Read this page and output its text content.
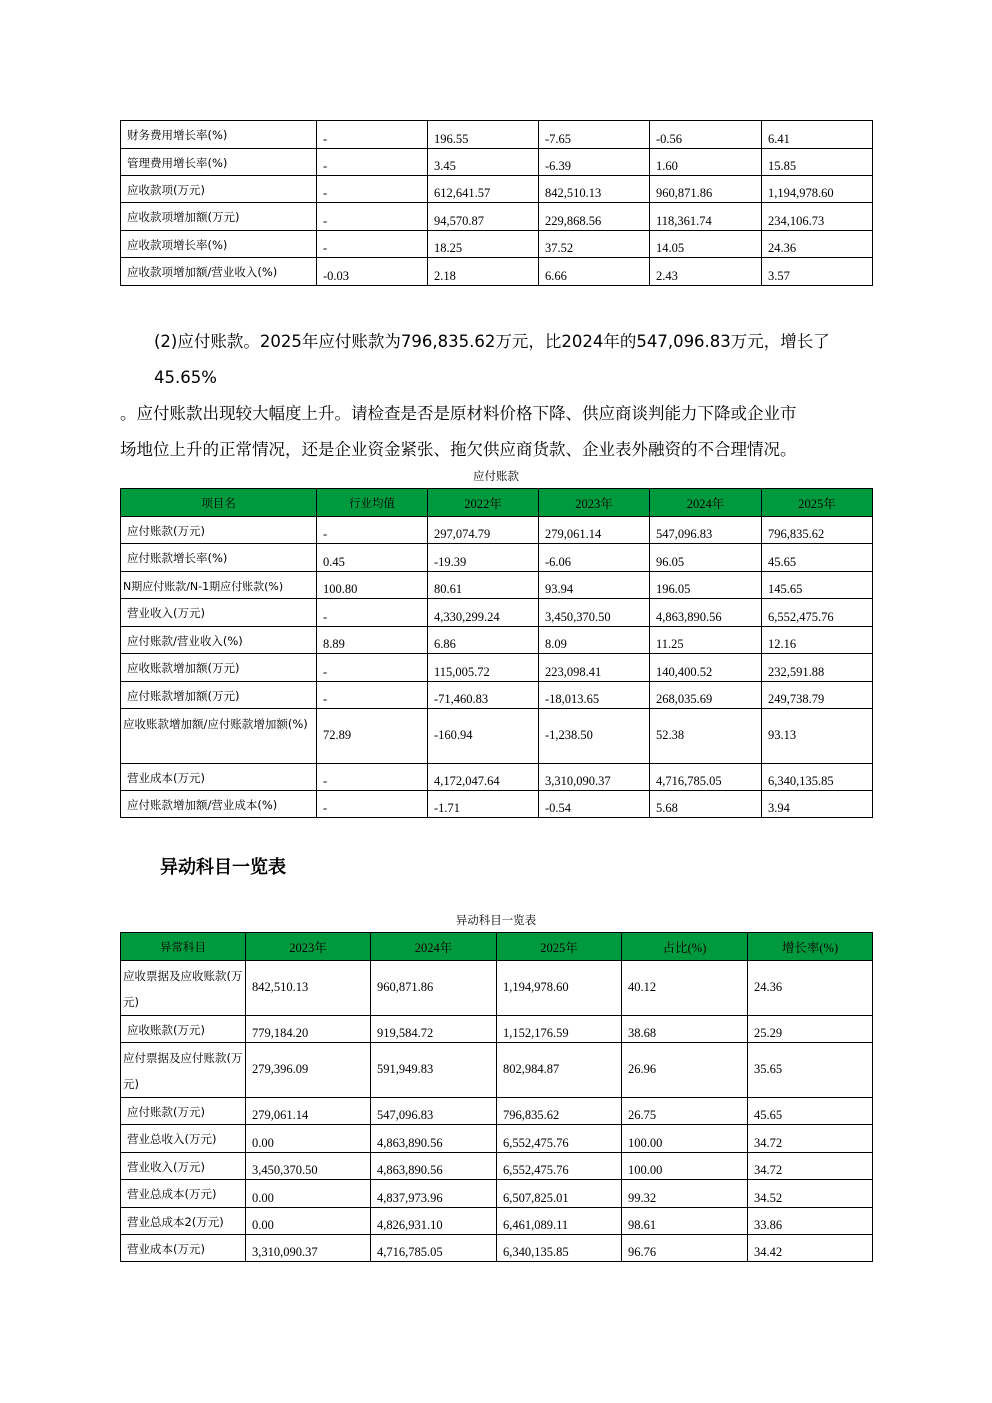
财务费用增长率(%)	-	196.55	-7.65	-0.56	6.41
管理费用增长率(%)	-	3.45	-6.39	1.60	15.85
应收款项(万元)	-	612,641.57	842,510.13	960,871.86	1,194,978.60
应收款项增加额(万元)	-	94,570.87	229,868.56	118,361.74	234,106.73
应收款项增长率(%)	-	18.25	37.52	14.05	24.36
应收款项增加额/营业收入(%)	-0.03	2.18	6.66	2.43	3.57
(2)应付账款。2025年应付账款为796,835.62万元，比2024年的547,096.83万元，增长了45.65%
。应付账款出现较大幅度上升。请检查是否是原材料价格下降、供应商谈判能力下降或企业市
场地位上升的正常情况，还是企业资金紧张、拖欠供应商货款、企业表外融资的不合理情况。
应付账款
项目名	行业均值	2022年	2023年	2024年	2025年
应付账款(万元)	-	297,074.79	279,061.14	547,096.83	796,835.62
应付账款增长率(%)	0.45	-19.39	-6.06	96.05	45.65
N期应付账款/N-1期应付账款(%)	100.80	80.61	93.94	196.05	145.65
营业收入(万元)	-	4,330,299.24	3,450,370.50	4,863,890.56	6,552,475.76
应付账款/营业收入(%)	8.89	6.86	8.09	11.25	12.16
应收账款增加额(万元)	-	115,005.72	223,098.41	140,400.52	232,591.88
应付账款增加额(万元)	-	-71,460.83	-18,013.65	268,035.69	249,738.79
应收账款增加额/应付账款增加额(%)	72.89	-160.94	-1,238.50	52.38	93.13
营业成本(万元)	-	4,172,047.64	3,310,090.37	4,716,785.05	6,340,135.85
应付账款增加额/营业成本(%)	-	-1.71	-0.54	5.68	3.94
异动科目一览表
异动科目一览表
异常科目	2023年	2024年	2025年	占比(%)	增长率(%)
应收票据及应收账款(万元)	842,510.13	960,871.86	1,194,978.60	40.12	24.36
应收账款(万元)	779,184.20	919,584.72	1,152,176.59	38.68	25.29
应付票据及应付账款(万元)	279,396.09	591,949.83	802,984.87	26.96	35.65
应付账款(万元)	279,061.14	547,096.83	796,835.62	26.75	45.65
营业总收入(万元)	0.00	4,863,890.56	6,552,475.76	100.00	34.72
营业收入(万元)	3,450,370.50	4,863,890.56	6,552,475.76	100.00	34.72
营业总成本(万元)	0.00	4,837,973.96	6,507,825.01	99.32	34.52
营业总成本2(万元)	0.00	4,826,931.10	6,461,089.11	98.61	33.86
营业成本(万元)	3,310,090.37	4,716,785.05	6,340,135.85	96.76	34.42
